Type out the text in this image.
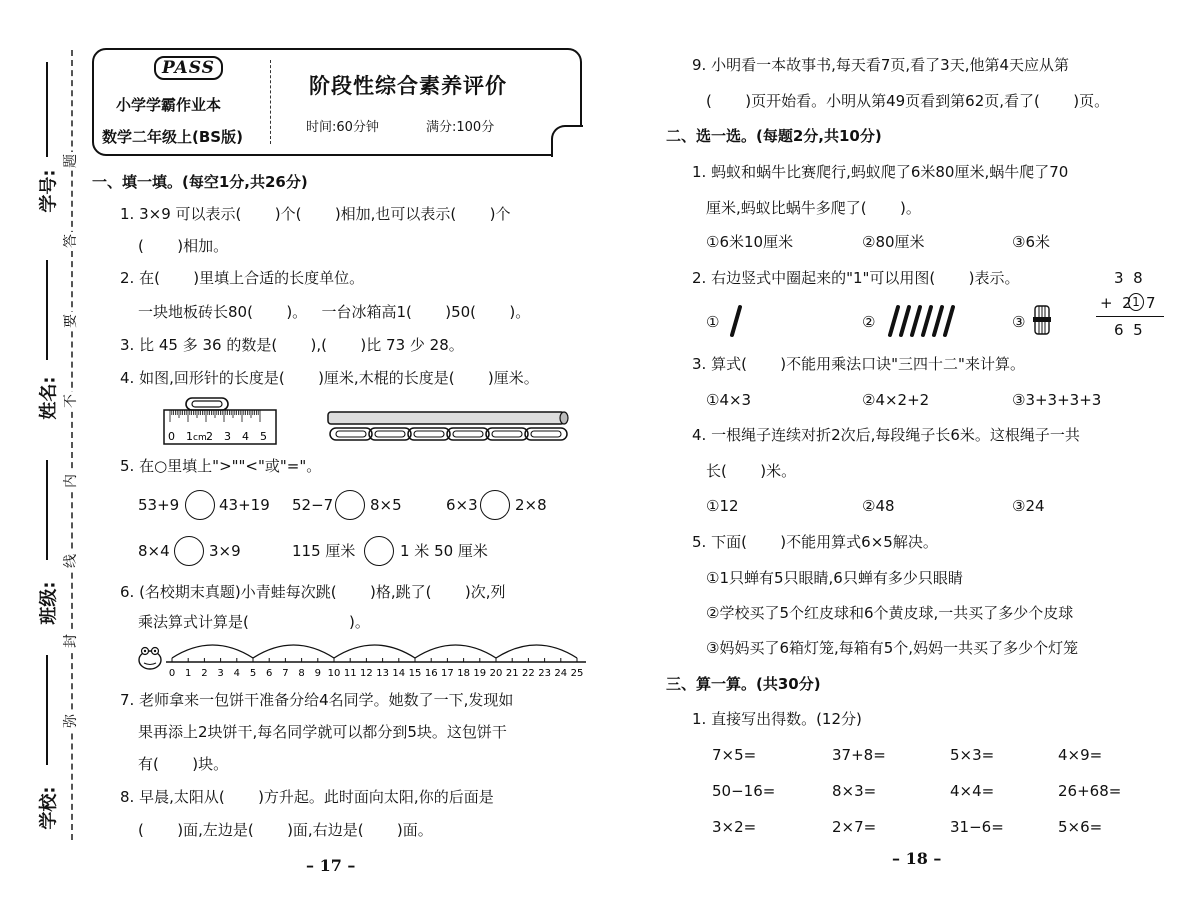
学号:
姓名:
班级:
学校:
题
答
要
不
内
线
封
弥
PASS
小学学霸作业本
数学二年级上(BS版)
阶段性综合素养评价
时间:60分钟	满分:100分
一、填一填。(每空1分,共26分)
1. 3×9 可以表示(       )个(       )相加,也可以表示(       )个
(       )相加。
2. 在(       )里填上合适的长度单位。
一块地板砖长80(       )。   一台冰箱高1(       )50(       )。
3. 比 45 多 36 的数是(       ),(       )比 73 少 28。
4. 如图,回形针的长度是(       )厘米,木棍的长度是(       )厘米。
0 1 cm 2 3 4 5
5. 在○里填上">""<"或"="。
53+9	43+19 52−7 8×5	6×3 2×8
8×4	3×9	115 厘米	1 米 50 厘米
6. (名校期末真题)小青蛙每次跳(       )格,跳了(       )次,列
乘法算式计算是(                     )。
0 1 2 3 4 5 6 7 8 9 10 11 12 13 14 15 16 17 18 19 20 21 22 23 24 25
7. 老师拿来一包饼干准备分给4名同学。她数了一下,发现如
果再添上2块饼干,每名同学就可以都分到5块。这包饼干
有(       )块。
8. 早晨,太阳从(       )方升起。此时面向太阳,你的后面是
(       )面,左边是(       )面,右边是(       )面。
– 17 –
9. 小明看一本故事书,每天看7页,看了3天,他第4天应从第
(       )页开始看。小明从第49页看到第62页,看了(       )页。
二、选一选。(每题2分,共10分)
1. 蚂蚁和蜗牛比赛爬行,蚂蚁爬了6米80厘米,蜗牛爬了70
厘米,蚂蚁比蜗牛多爬了(       )。
①6米10厘米	②80厘米	③6米
2. 右边竖式中圈起来的"1"可以用图(       )表示。	3  8
+  2 1 7
6  5
①	②	③
3. 算式(       )不能用乘法口诀"三四十二"来计算。
①4×3	②4×2+2	③3+3+3+3
4. 一根绳子连续对折2次后,每段绳子长6米。这根绳子一共
长(       )米。
①12	②48	③24
5. 下面(       )不能用算式6×5解决。
①1只蝉有5只眼睛,6只蝉有多少只眼睛
②学校买了5个红皮球和6个黄皮球,一共买了多少个皮球
③妈妈买了6箱灯笼,每箱有5个,妈妈一共买了多少个灯笼
三、算一算。(共30分)
1. 直接写出得数。(12分)
7×5=	37+8=	5×3=	4×9=
50−16=	8×3=	4×4=	26+68=
3×2=	2×7=	31−6=	5×6=
– 18 –
